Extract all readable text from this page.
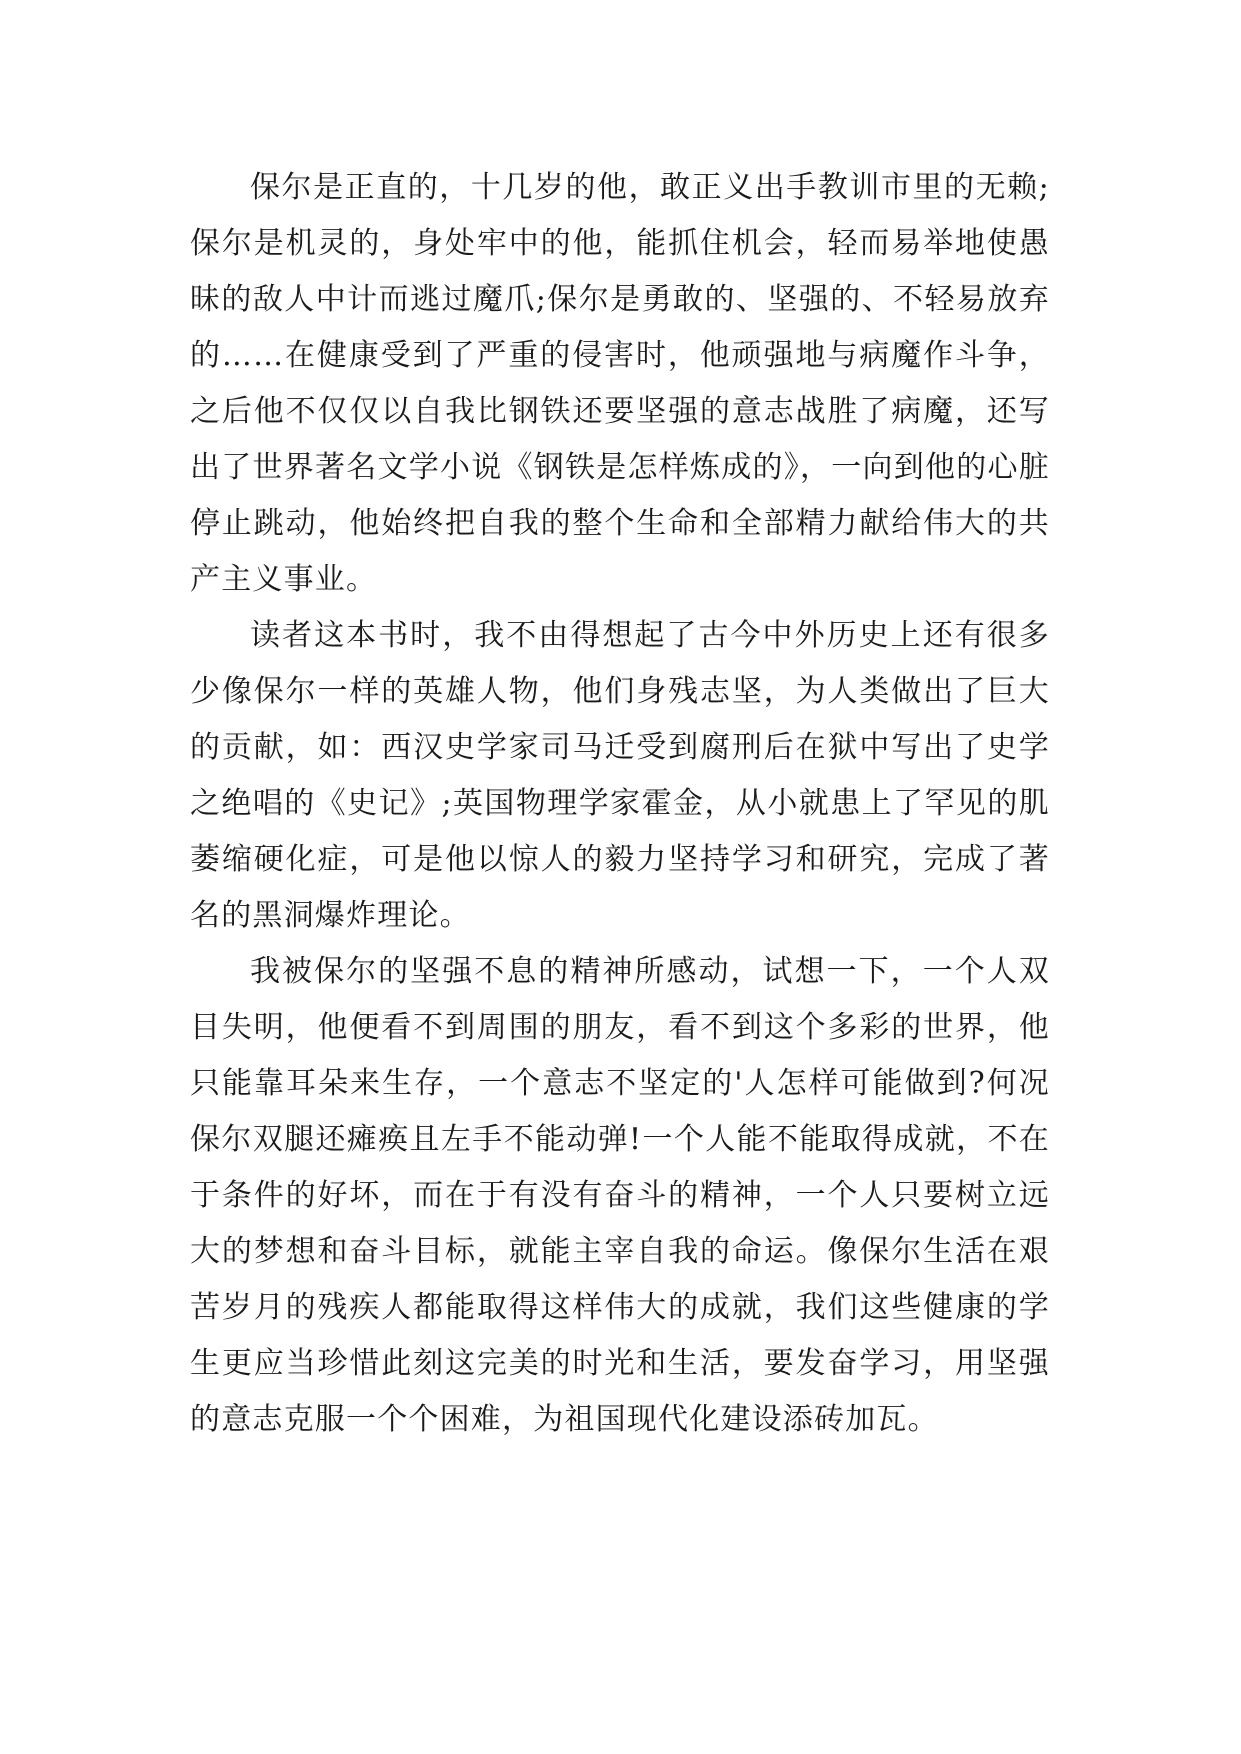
保尔是正直的，十几岁的他，敢正义出手教训市里的无赖;保尔是机灵的，身处牢中的他，能抓住机会，轻而易举地使愚昧的敌人中计而逃过魔爪;保尔是勇敢的、坚强的、不轻易放弃的……在健康受到了严重的侵害时，他顽强地与病魔作斗争，之后他不仅仅以自我比钢铁还要坚强的意志战胜了病魔，还写出了世界著名文学小说《钢铁是怎样炼成的》，一向到他的心脏停止跳动，他始终把自我的整个生命和全部精力献给伟大的共产主义事业。

读者这本书时，我不由得想起了古今中外历史上还有很多少像保尔一样的英雄人物，他们身残志坚，为人类做出了巨大的贡献，如：西汉史学家司马迁受到腐刑后在狱中写出了史学之绝唱的《史记》;英国物理学家霍金，从小就患上了罕见的肌萎缩硬化症，可是他以惊人的毅力坚持学习和研究，完成了著名的黑洞爆炸理论。

我被保尔的坚强不息的精神所感动，试想一下，一个人双目失明，他便看不到周围的朋友，看不到这个多彩的世界，他只能靠耳朵来生存，一个意志不坚定的'人怎样可能做到?何况保尔双腿还瘫痪且左手不能动弹!一个人能不能取得成就，不在于条件的好坏，而在于有没有奋斗的精神，一个人只要树立远大的梦想和奋斗目标，就能主宰自我的命运。像保尔生活在艰苦岁月的残疾人都能取得这样伟大的成就，我们这些健康的学生更应当珍惜此刻这完美的时光和生活，要发奋学习，用坚强的意志克服一个个困难，为祖国现代化建设添砖加瓦。
